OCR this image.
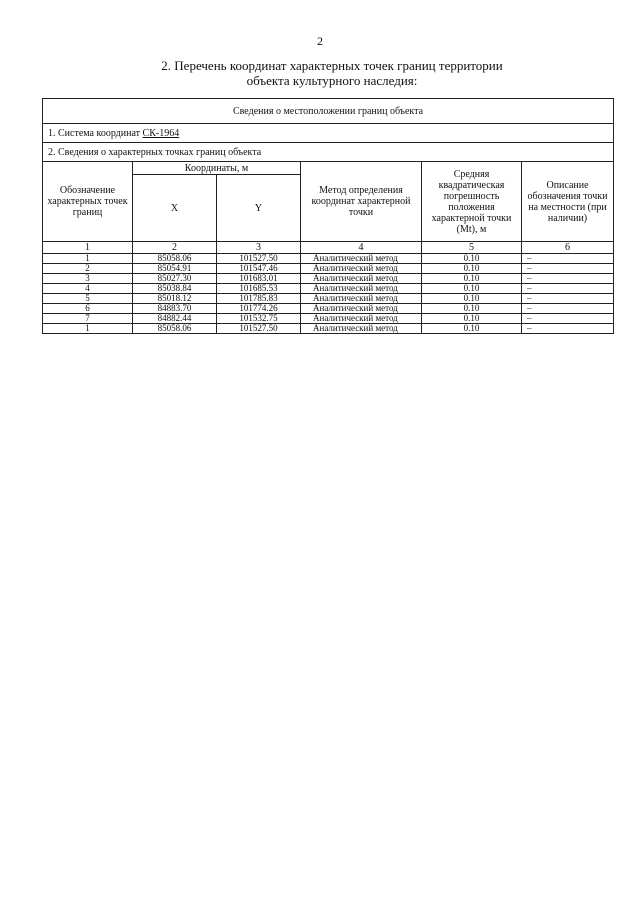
2
2. Перечень координат характерных точек границ территории
объекта культурного наследия:
Сведения о местоположении границ объекта					
1. Система координат СК-1964					
2. Сведения о характерных точках границ объекта					
Обозначение характерных точек границ	Координаты, м		Метод определения координат характерной точки	Средняя квадратическая погрешность положения характерной точки (Mt), м	Описание обозначения точки на местности (при наличии)
	X	Y			
1	2	3	4	5	6
1	85058.06	101527.50	Аналитический метод	0.10	–
2	85054.91	101547.46	Аналитический метод	0.10	–
3	85027.30	101683.01	Аналитический метод	0.10	–
4	85038.84	101685.53	Аналитический метод	0.10	–
5	85018.12	101785.83	Аналитический метод	0.10	–
6	84883.70	101774.26	Аналитический метод	0.10	–
7	84882.44	101532.75	Аналитический метод	0.10	–
1	85058.06	101527.50	Аналитический метод	0.10	–
